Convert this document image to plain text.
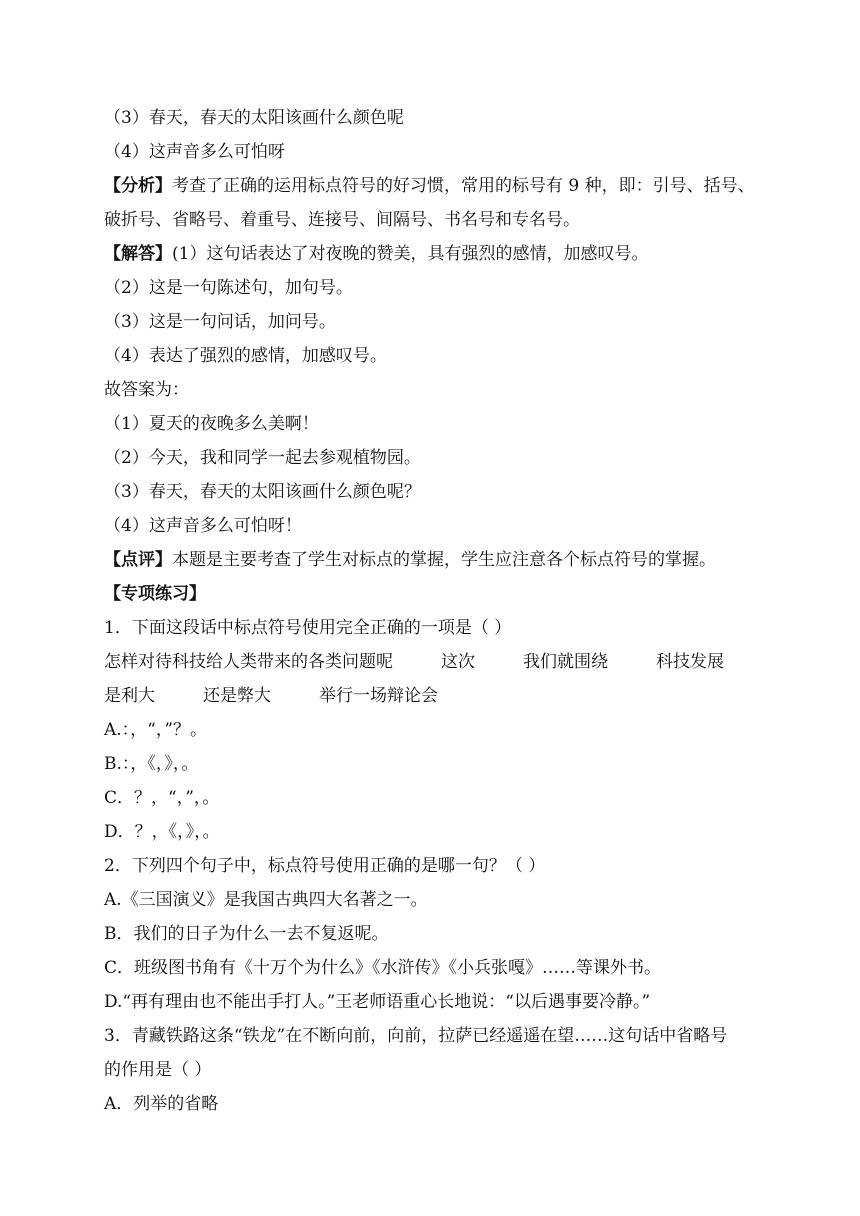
（3）春天，春天的太阳该画什么颜色呢
（4）这声音多么可怕呀
【分析】考查了正确的运用标点符号的好习惯，常用的标号有 9 种，即：引号、括号、
破折号、省略号、着重号、连接号、间隔号、书名号和专名号。
【解答】(1）这句话表达了对夜晚的赞美，具有强烈的感情，加感叹号。
（2）这是一句陈述句，加句号。
（3）这是一句问话，加问号。
（4）表达了强烈的感情，加感叹号。
故答案为：
（1）夏天的夜晚多么美啊！
（2）今天，我和同学一起去参观植物园。
（3）春天，春天的太阳该画什么颜色呢？
（4）这声音多么可怕呀！
【点评】本题是主要考查了学生对标点的掌握，学生应注意各个标点符号的掌握。
【专项练习】
1．下面这段话中标点符号使用完全正确的一项是（ ）
怎样对待科技给人类带来的各类问题呢	这次	我们就围绕	科技发展
是利大	还是弊大	举行一场辩论会
A.：，“，”？。
B.：，《，》，。
C．？，“，”，。
D．？，《，》，。
2．下列四个句子中，标点符号使用正确的是哪一句？（ ）
A.《三国演义》是我国古典四大名著之一。
B．我们的日子为什么一去不复返呢。
C．班级图书角有《十万个为什么》《水浒传》《小兵张嘎》……等课外书。
D.“再有理由也不能出手打人。”王老师语重心长地说：“以后遇事要冷静。”
3．青藏铁路这条“铁龙”在不断向前，向前，拉萨已经遥遥在望……这句话中省略号
的作用是（ ）
A．列举的省略
